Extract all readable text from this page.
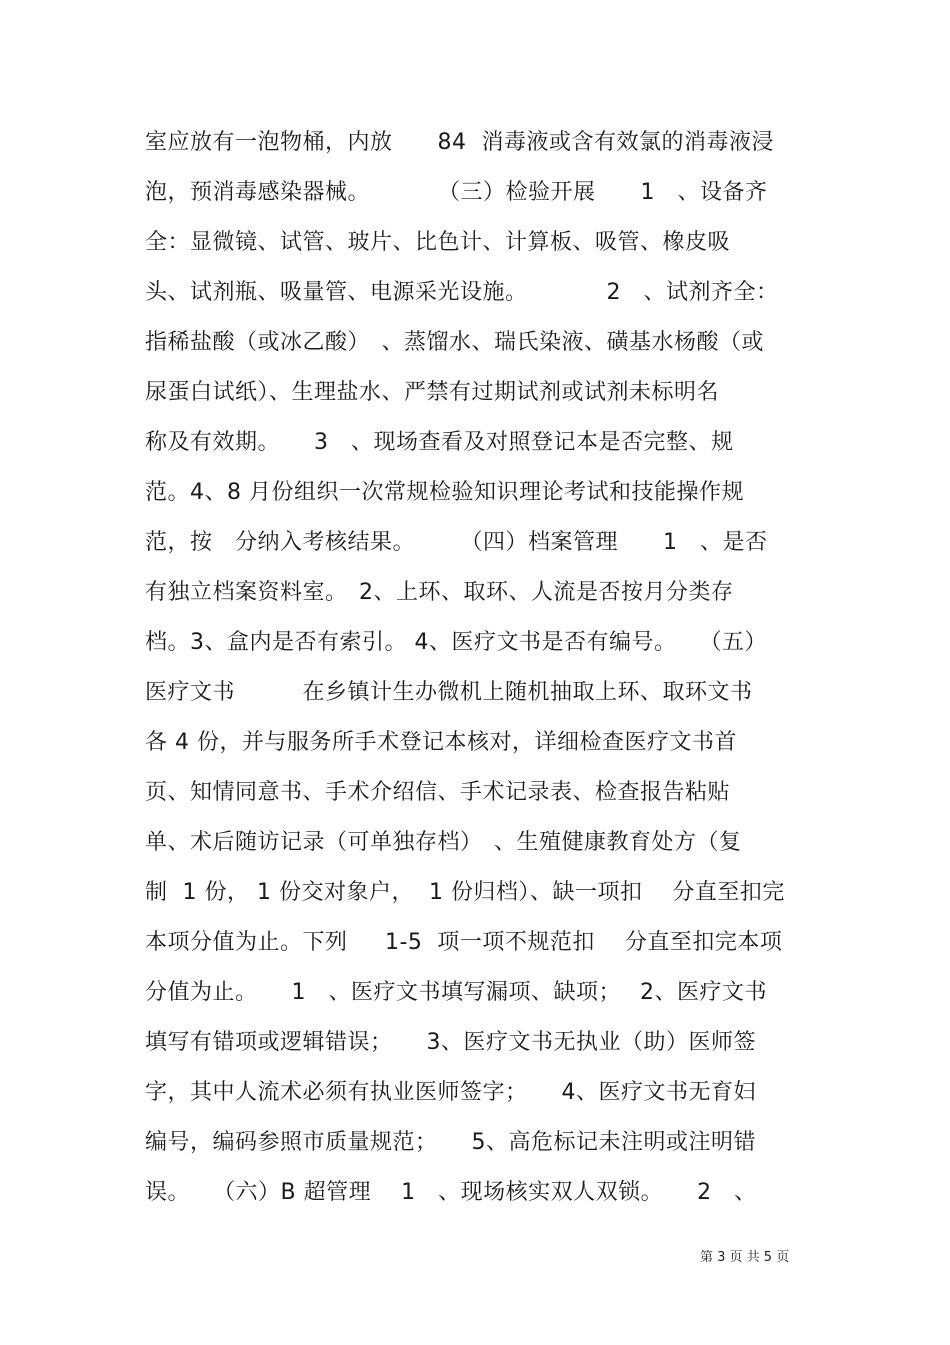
室应放有一泡物桶，内放　　84  消毒液或含有效氯的消毒液浸
泡，预消毒感染器械。　　　　（三）检验开展　　1　、设备齐
全：显微镜、试管、玻片、比色计、计算板、吸管、橡皮吸
头、试剂瓶、吸量管、电源采光设施。　　　　2　、试剂齐全：
指稀盐酸（或冰乙酸）　、蒸馏水、瑞氏染液、磺基水杨酸（或
尿蛋白试纸）、生理盐水、严禁有过期试剂或试剂未标明名
称及有效期。　　3　、现场查看及对照登记本是否完整、规
范。4、8 月份组织一次常规检验知识理论考试和技能操作规
范，按　分纳入考核结果。　　　（四）档案管理　　1　、是否
有独立档案资料室。　2、上环、取环、人流是否按月分类存
档。3、盒内是否有索引。 4、医疗文书是否有编号。　　（五）
医疗文书　　　在乡镇计生办微机上随机抽取上环、取环文书
各 4 份，并与服务所手术登记本核对，详细检查医疗文书首
页、知情同意书、手术介绍信、手术记录表、检查报告粘贴
单、术后随访记录（可单独存档）　、生殖健康教育处方（复
制  1 份， 1 份交对象户，  1 份归档）、缺一项扣　 分直至扣完
本项分值为止。下列　  1-5  项一项不规范扣　 分直至扣完本项
分值为止。　　1　、医疗文书填写漏项、缺项；　 2、医疗文书
填写有错项或逻辑错误；　　3、医疗文书无执业（助）医师签
字，其中人流术必须有执业医师签字；　　4、医疗文书无育妇
编号，编码参照市质量规范；　　5、高危标记未注明或注明错
误。　　（六）B 超管理　 1　、现场核实双人双锁。　　2　、
第 3 页 共 5 页
